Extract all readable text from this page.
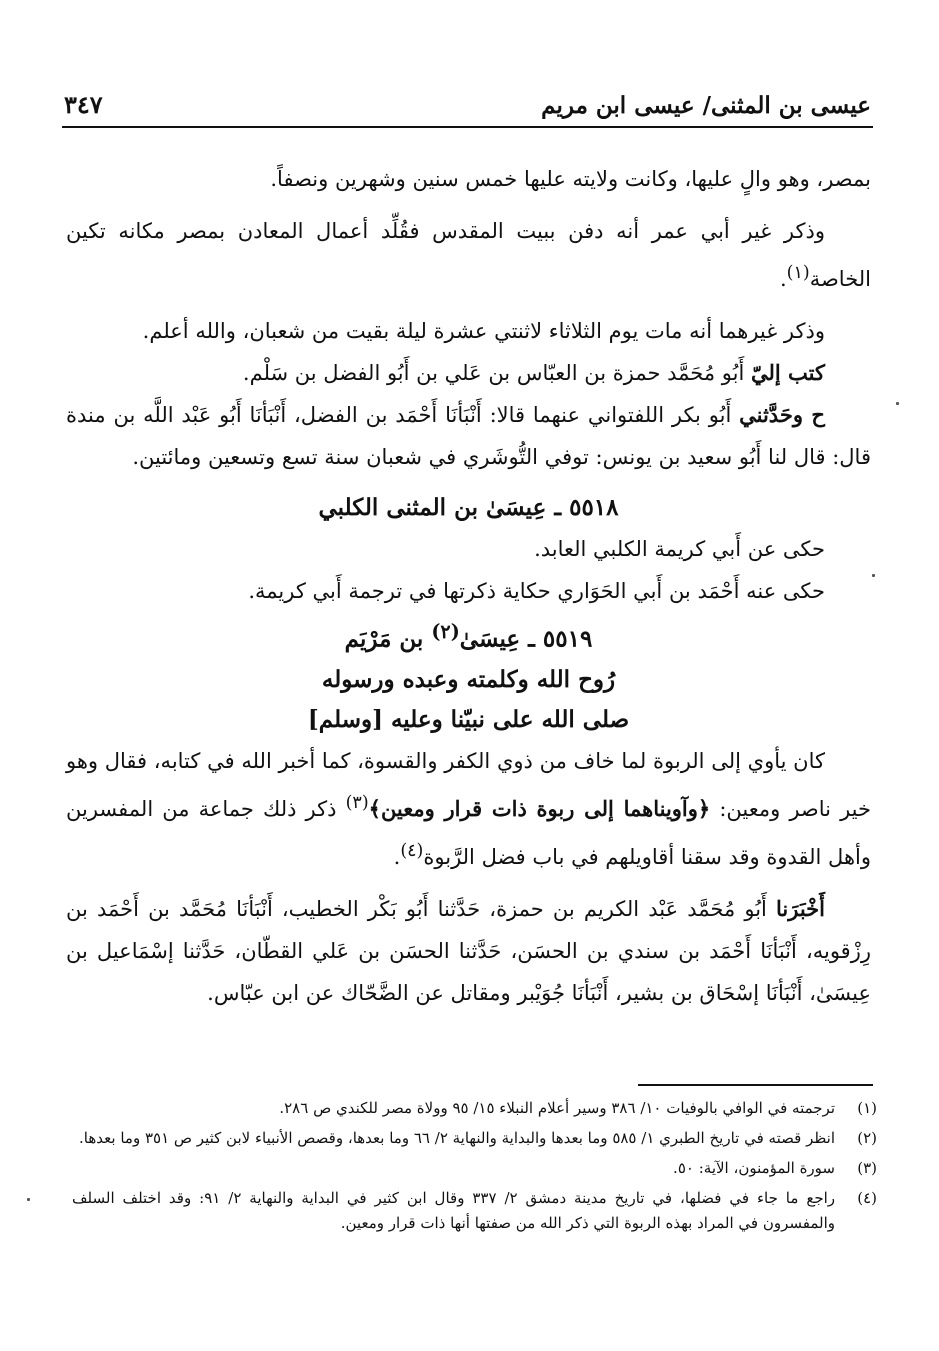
عيسى بن المثنى/ عيسى ابن مريم
٣٤٧

بمصر، وهو والٍ عليها، وكانت ولايته عليها خمس سنين وشهرين ونصفاً.

وذكر غير أبي عمر أنه دفن ببيت المقدس فقُلِّد أعمال المعادن بمصر مكانه تكين الخاصة$^{(١)}$.

وذكر غيرهما أنه مات يوم الثلاثاء لاثنتي عشرة ليلة بقيت من شعبان، والله أعلم.

كتب إليّ أَبُو مُحَمَّد حمزة بن العبّاس بن عَلي بن أَبُو الفضل بن سَلْم.

ح وحَدَّثني أَبُو بكر اللفتواني عنهما قالا: أَنْبَأنَا أَحْمَد بن الفضل، أَنْبَأنَا أَبُو عَبْد اللَّه بن مندة قال: قال لنا أَبُو سعيد بن يونس: توفي التُّوشَري في شعبان سنة تسع وتسعين ومائتين.

٥٥١٨ ـ عِيسَىٰ بن المثنى الكلبي

حكى عن أَبي كريمة الكلبي العابد.

حكى عنه أَحْمَد بن أَبي الحَوَاري حكاية ذكرتها في ترجمة أَبي كريمة.

٥٥١٩ ـ عِيسَىٰ$^{(٢)}$ بن مَرْيَم
رُوح الله وكلمته وعبده ورسوله
صلى الله على نبيّنا وعليه [وسلم]

كان يأوي إلى الربوة لما خاف من ذوي الكفر والقسوة، كما أخبر الله في كتابه، فقال وهو خير ناصر ومعين: ﴿وآويناهما إلى ربوة ذات قرار ومعين﴾$^{(٣)}$ ذكر ذلك جماعة من المفسرين وأهل القدوة وقد سقنا أقاويلهم في باب فضل الرَّبوة$^{(٤)}$.

أَخْبَرَنا أَبُو مُحَمَّد عَبْد الكريم بن حمزة، حَدَّثنا أَبُو بَكْر الخطيب، أَنْبَأنَا مُحَمَّد بن أَحْمَد بن رِزْقويه، أَنْبَأنَا أَحْمَد بن سندي بن الحسَن، حَدَّثنا الحسَن بن عَلي القطّان، حَدَّثنا إسْمَاعيل بن عِيسَىٰ، أَنْبَأنَا إسْحَاق بن بشير، أَنْبَأنَا جُوَيْبر ومقاتل عن الضَّحّاك عن ابن عبّاس.

(١)
ترجمته في الوافي بالوفيات ١٠/ ٣٨٦ وسير أعلام النبلاء ١٥/ ٩٥ وولاة مصر للكندي ص ٢٨٦.
(٢)
انظر قصته في تاريخ الطبري ١/ ٥٨٥ وما بعدها والبداية والنهاية ٢/ ٦٦ وما بعدها، وقصص الأنبياء لابن كثير ص ٣٥١ وما بعدها.
(٣)
سورة المؤمنون، الآية: ٥٠.
(٤)
راجع ما جاء في فضلها، في تاريخ مدينة دمشق ٢/ ٣٣٧ وقال ابن كثير في البداية والنهاية ٢/ ٩١: وقد اختلف السلف والمفسرون في المراد بهذه الربوة التي ذكر الله من صفتها أنها ذات قرار ومعين.
